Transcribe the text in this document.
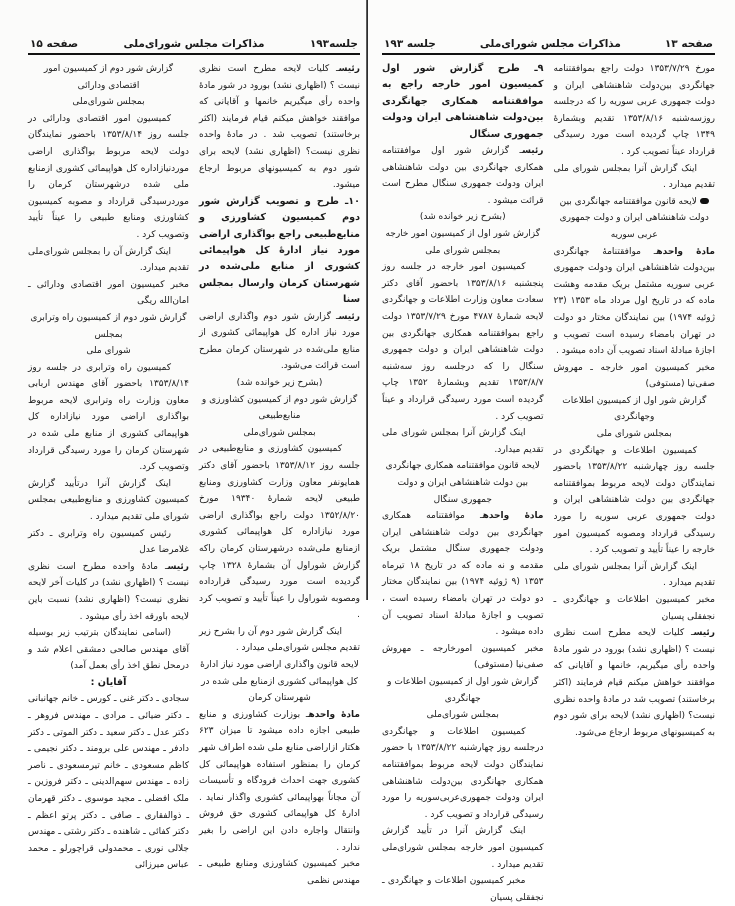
جلسه۱۹۳
مذاکرات مجلس شورای‌ملی
صفحه ۱۵

رئیسـ کلیات لایحه مطرح است نظری نیست ؟ (اظهاری نشد) بورود در شور مادهٔ واحده رأی میگیریم خانمها و آقایانی که موافقند خواهش میکنم قیام فرمایند (اکثر برخاستند) تصویب شد . در مادهٔ واحده نظری نیست؟ (اظهاری نشد) لایحه برای شور دوم به کمیسیونهای مربوط ارجاع میشود.

۱۰ـ طرح و تصویب گزارش شور دوم کمیسیون کشاورزی و منابع‌طبیعی راجع بواگذاری اراضی مورد نیاز ادارهٔ کل هواپیمائی کشوری از منابع ملی‌شده در شهرستان کرمان وارسال بمجلس سنا

رئیسـ گزارش شور دوم واگذاری اراضی مورد نیاز اداره کل هواپیمائی کشوری از منابع ملی‌شده در شهرستان کرمان مطرح است قرائت می‌شود.

(بشرح زیر خوانده شد)

گزارش شور دوم از کمیسیون کشاورزی و منابع‌طبیعی

بمجلس شورای‌ملی

کمیسیون کشاورزی و منابع‌طبیعی در جلسه روز ۱۳۵۳/۸/۱۲ باحضور آقای دکتر همایونفر معاون وزارت کشاورزی ومنابع طبیعی لایحه شمارهٔ ۱۹۳۴۰ مورخ ۱۳۵۲/۸/۲۰ دولت راجع بواگذاری اراضی مورد نیازاداره کل هواپیمائی کشوری ازمنابع ملی‌شده درشهرستان کرمان راکه گزارش شوراول آن بشمارهٔ ۱۳۲۸ چاپ گردیده است مورد رسیدگی قرارداده ومصوبه شوراول را عیناً تأیید و تصویب کرد .

اینک گزارش شور دوم آن را بشرح زیر تقدیم مجلس شورای‌ملی میدارد .

لایحه قانون واگذاری اراضی مورد نیاز ادارهٔ کل هواپیمائی کشوری ازمنابع ملی شده در شهرستان کرمان

مادهٔ واحدهـ بوزارت کشاورزی و منابع طبیعی اجازه داده میشود تا میزان ۶۲۳ هکتار ازاراضی منابع ملی شده اطراف شهر کرمان را بمنظور استفاده هواپیمائی کل کشوری جهت احداث فرودگاه و تأسیسات آن مجاناً بهواپیمائی کشوری واگذار نماید . ادارهٔ کل هواپیمائی کشوری حق فروش وانتقال واجاره دادن این اراضی را بغیر ندارد .

مخبر کمیسیون کشاورزی ومنابع طبیعی ـ مهندس نظمی

گزارش شور دوم از کمیسیون امور اقتصادی ودارائی

بمجلس شورای‌ملی

کمیسیون امور اقتصادی ودارائی در جلسه روز ۱۳۵۳/۸/۱۴ باحضور نمایندگان دولت لایحه مربوط بواگذاری اراضی موردنیازاداره کل هواپیمائی کشوری ازمنابع ملی شده درشهرستان کرمان را موردرسیدگی قرارداد و مصوبه کمیسیون کشاورزی ومنابع طبیعی را عیناً تأیید وتصویب کرد .

اینک گزارش آن را بمجلس شورای‌ملی تقدیم میدارد.

مخبر کمیسیون امور اقتصادی ودارائی ـ امان‌الله ریگی

گزارش شور دوم از کمیسیون راه وترابری بمجلس

شورای ملی

کمیسیون راه وترابری در جلسه روز ۱۳۵۳/۸/۱۴ باحضور آقای مهندس اربابی معاون وزارت راه وترابری لایحه مربوط بواگذاری اراضی مورد نیازاداره کل هواپیمائی کشوری از منابع ملی شده در شهرستان کرمان را مورد رسیدگی قرارداد وتصویب کرد.

اینک گزارش آنرا درتأیید گزارش کمیسیون کشاورزی و منابع‌طبیعی بمجلس شورای ملی تقدیم میدارد .

رئیس کمیسیون راه وترابری ـ دکتر غلامرضا عدل

رئیسـ مادهٔ واحده مطرح است نظری نیست ؟ (اظهاری نشد) در کلیات آخر لایحه نظری نیست؟ (اظهاری نشد) نسبت باین لایحه باورقه اخذ رأی میشود .

(اسامی نمایندگان بترتیب زیر بوسیله آقای مهندس صالحی دمشقی اعلام شد و درمحل نطق اخذ رأی بعمل آمد)

آقایان :

سجادی ـ دکتر غنی ـ کورس ـ خانم جهانبانی ـ دکتر ضیائی ـ مرادی ـ مهندس فروهر ـ دکتر عدل ـ دکتر سعید ـ دکتر الموتی ـ دکتر دادفر ـ مهندس علی برومند ـ دکتر نجیمی ـ کاظم مسعودی ـ خانم تیرمسعودی ـ ناصر زاده ـ مهندس سهم‌الدینی ـ دکتر فروزین ـ ملک افضلی ـ مجید موسوی ـ دکتر قهرمان ـ ذوالفقاری ـ صافی ـ دکتر پرتو اعظم ـ دکتر کفائی ـ شاهنده ـ دکتر رشتی ـ مهندس جلالی نوری ـ محمدولی قراچورلو ـ محمد عباس میرزائی

صفحه ۱۳
مذاکرات مجلس شورای‌ملی
جلسه ۱۹۳

مورخ ۱۳۵۳/۷/۲۹ دولت راجع بموافقتنامه جهانگردی بین‌دولت شاهنشاهی ایران و دولت جمهوری عربی سوریه را که درجلسه روزسه‌شنبه ۱۳۵۳/۸/۱۶ تقدیم وبشمارهٔ ۱۳۴۹ چاپ گردیده است مورد رسیدگی قرارداد عیناً تصویب کرد .

اینک گزارش آنرا بمجلس شورای ملی تقدیم میدارد .

لایحه قانون موافقتنامه جهانگردی بین دولت شاهنشاهی ایران و دولت جمهوری عربی سوریه

مادهٔ واحدهـ موافقتنامهٔ جهانگردی بین‌دولت شاهنشاهی ایران ودولت جمهوری عربی سوریه مشتمل بریک مقدمه وهشت ماده که در تاریخ اول مرداد ماه ۱۳۵۳ (۲۳ ژوئیه ۱۹۷۴) بین نمایندگان مختار دو دولت در تهران بامضاء رسیده است تصویب و اجازهٔ مبادلهٔ اسناد تصویب آن داده میشود .

مخبر کمیسیون امور خارجه ـ مهروش صفی‌نیا (مستوفی)

گزارش شور اول از کمیسیون اطلاعات وجهانگردی

بمجلس شورای ملی

کمیسیون اطلاعات و جهانگردی در جلسه روز چهارشنبه ۱۳۵۳/۸/۲۲ باحضور نمایندگان دولت لایحه مربوط بموافقتنامه جهانگردی بین دولت شاهنشاهی ایران و دولت جمهوری عربی سوریه را مورد رسیدگی قرارداد ومصوبه کمیسیون امور خارجه را عیناً تأیید و تصویب کرد .

اینک گزارش آنرا بمجلس شورای ملی تقدیم میدارد .

مخبر کمیسیون اطلاعات و جهانگردی ـ نجفقلی پسیان

رئیسـ کلیات لایحه مطرح است نظری نیست ؟ (اظهاری نشد) بورود در شور مادهٔ واحده رأی میگیریم، خانمها و آقایانی که موافقند خواهش میکنم قیام فرمایند (اکثر برخاستند) تصویب شد در مادهٔ واحده نظری نیست؟ (اظهاری نشد) لایحه برای شور دوم به کمیسیونهای مربوط ارجاع می‌شود.

۹ـ طرح گزارش شور اول کمیسیون امور خارجه راجع به موافقتنامه همکاری جهانگردی بین‌دولت شاهنشاهی ایران ودولت جمهوری سنگال

رئیسـ گزارش شور اول موافقتنامه همکاری جهانگردی بین دولت شاهنشاهی ایران ودولت جمهوری سنگال مطرح است قرائت میشود .

(بشرح زیر خوانده شد)

گزارش شور اول از کمیسیون امور خارجه

بمجلس شورای ملی

کمیسیون امور خارجه در جلسه روز پنجشنبه ۱۳۵۳/۸/۱۶ باحضور آقای دکتر سعادت معاون وزارت اطلاعات و جهانگردی لایحه شمارهٔ ۴۷۸۷ مورخ ۱۳۵۳/۷/۲۹ دولت راجع بموافقتنامه همکاری جهانگردی بین دولت شاهنشاهی ایران و دولت جمهوری سنگال را که درجلسه روز سه‌شنبه ۱۳۵۳/۸/۷ تقدیم وبشمارهٔ ۱۳۵۲ چاپ گردیده است مورد رسیدگی قرارداد و عیناً تصویب کرد .

اینک گزارش آنرا بمجلس شورای ملی تقدیم میدارد.

لایحه قانون موافقتنامه همکاری جهانگردی بین دولت شاهنشاهی ایران و دولت جمهوری سنگال

مادهٔ واحدهـ موافقتنامه همکاری جهانگردی بین دولت شاهنشاهی ایران ودولت جمهوری سنگال مشتمل بریک مقدمه و نه ماده که در تاریخ ۱۸ تیرماه ۱۳۵۳ (۹ ژوئیه ۱۹۷۴) بین نمایندگان مختار دو دولت در تهران بامضاء رسیده است ، تصویب و اجازهٔ مبادلهٔ اسناد تصویب آن داده میشود .

مخبر کمیسیون امورخارجه ـ مهروش صفی‌نیا (مستوفی)

گزارش شور اول از کمیسیون اطلاعات و جهانگردی

بمجلس شورای‌ملی

کمیسیون اطلاعات و جهانگردی درجلسه روز چهارشنبه ۱۳۵۳/۸/۲۲ با حضور نمایندگان دولت لایحه مربوط بموافقتنامه همکاری جهانگردی بین‌دولت شاهنشاهی ایران ودولت جمهوری‌عربی‌سوریه را مورد رسیدگی قرارداد و تصویب کرد .

اینک گزارش آنرا در تأیید گزارش کمیسیون امور خارجه بمجلس شورای‌ملی تقدیم میدارد .

مخبر کمیسیون اطلاعات و جهانگردی ـ نجفقلی پسیان
